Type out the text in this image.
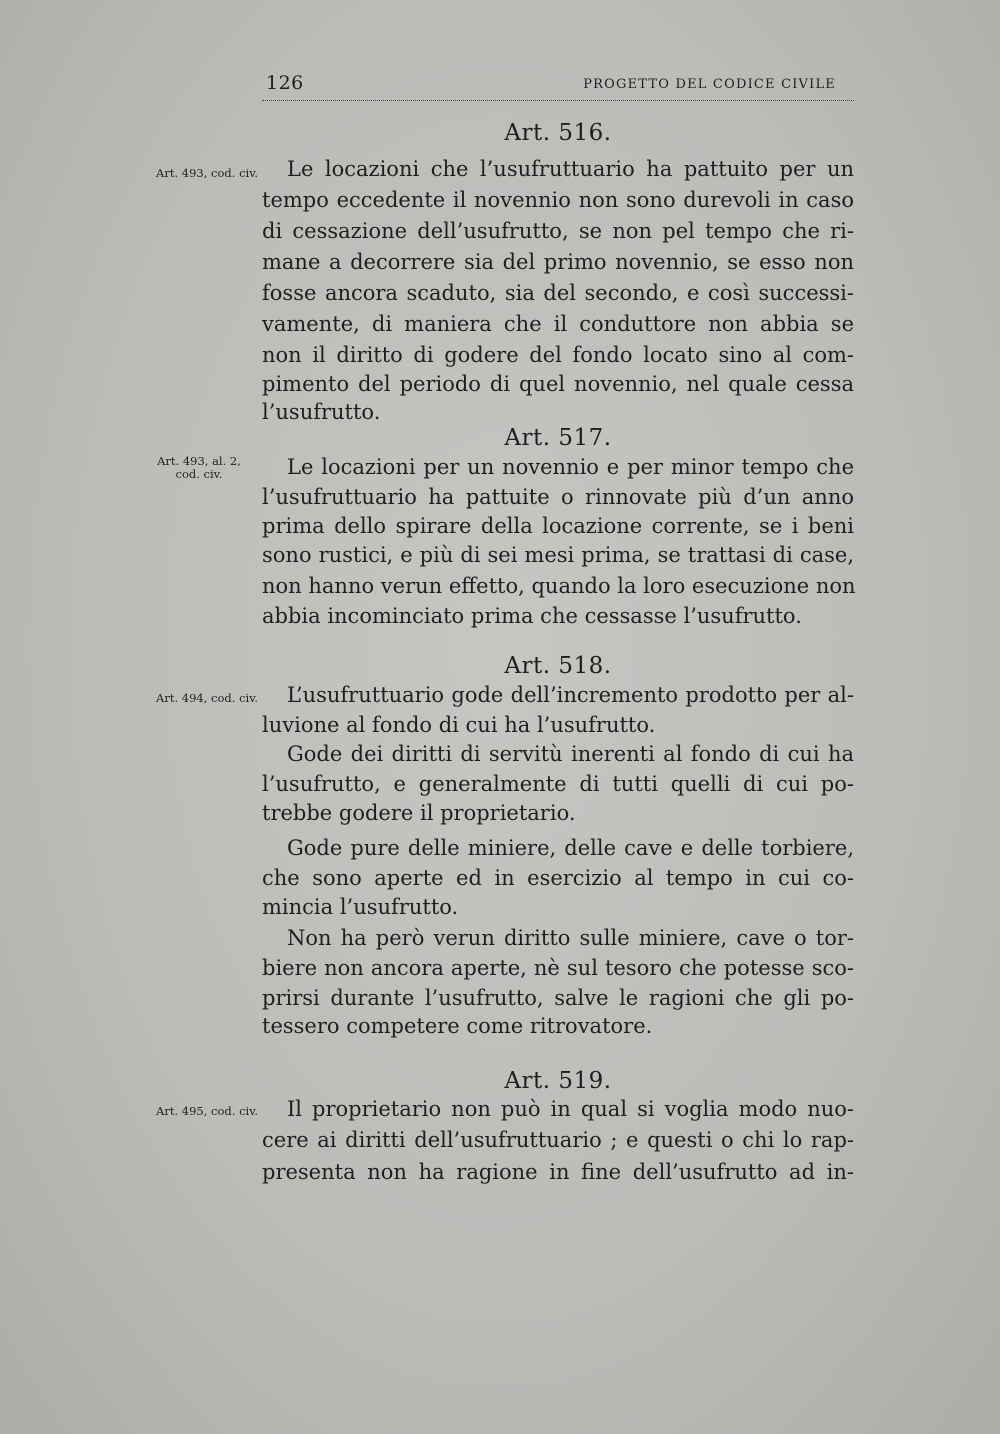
126	PROGETTO DEL CODICE CIVILE
Art. 516.
Art. 493, cod. civ. Le locazioni che l’usufruttuario ha pattuito per un
tempo eccedente il novennio non sono durevoli in caso
di cessazione dell’usufrutto, se non pel tempo che ri-
mane a decorrere sia del primo novennio, se esso non
fosse ancora scaduto, sia del secondo, e così successi-
vamente, di maniera che il conduttore non abbia se
non il diritto di godere del fondo locato sino al com-
pimento del periodo di quel novennio, nel quale cessa
l’usufrutto.
Art. 517.
Art. 493, al. 2,
cod. civ.	Le locazioni per un novennio e per minor tempo che
l’usufruttuario ha pattuite o rinnovate più d’un anno
prima dello spirare della locazione corrente, se i beni
sono rustici, e più di sei mesi prima, se trattasi di case,
non hanno verun effetto, quando la loro esecuzione non
abbia incominciato prima che cessasse l’usufrutto.
Art. 518.
Art. 494, cod. civ. L’usufruttuario gode dell’incremento prodotto per al-
luvione al fondo di cui ha l’usufrutto.
Gode dei diritti di servitù inerenti al fondo di cui ha
l’usufrutto, e generalmente di tutti quelli di cui po-
trebbe godere il proprietario.
Gode pure delle miniere, delle cave e delle torbiere,
che sono aperte ed in esercizio al tempo in cui co-
mincia l’usufrutto.
Non ha però verun diritto sulle miniere, cave o tor-
biere non ancora aperte, nè sul tesoro che potesse sco-
prirsi durante l’usufrutto, salve le ragioni che gli po-
tessero competere come ritrovatore.
Art. 519.
Art. 495, cod. civ. Il proprietario non può in qual si voglia modo nuo-
cere ai diritti dell’usufruttuario ; e questi o chi lo rap-
presenta non ha ragione in fine dell’usufrutto ad in-
